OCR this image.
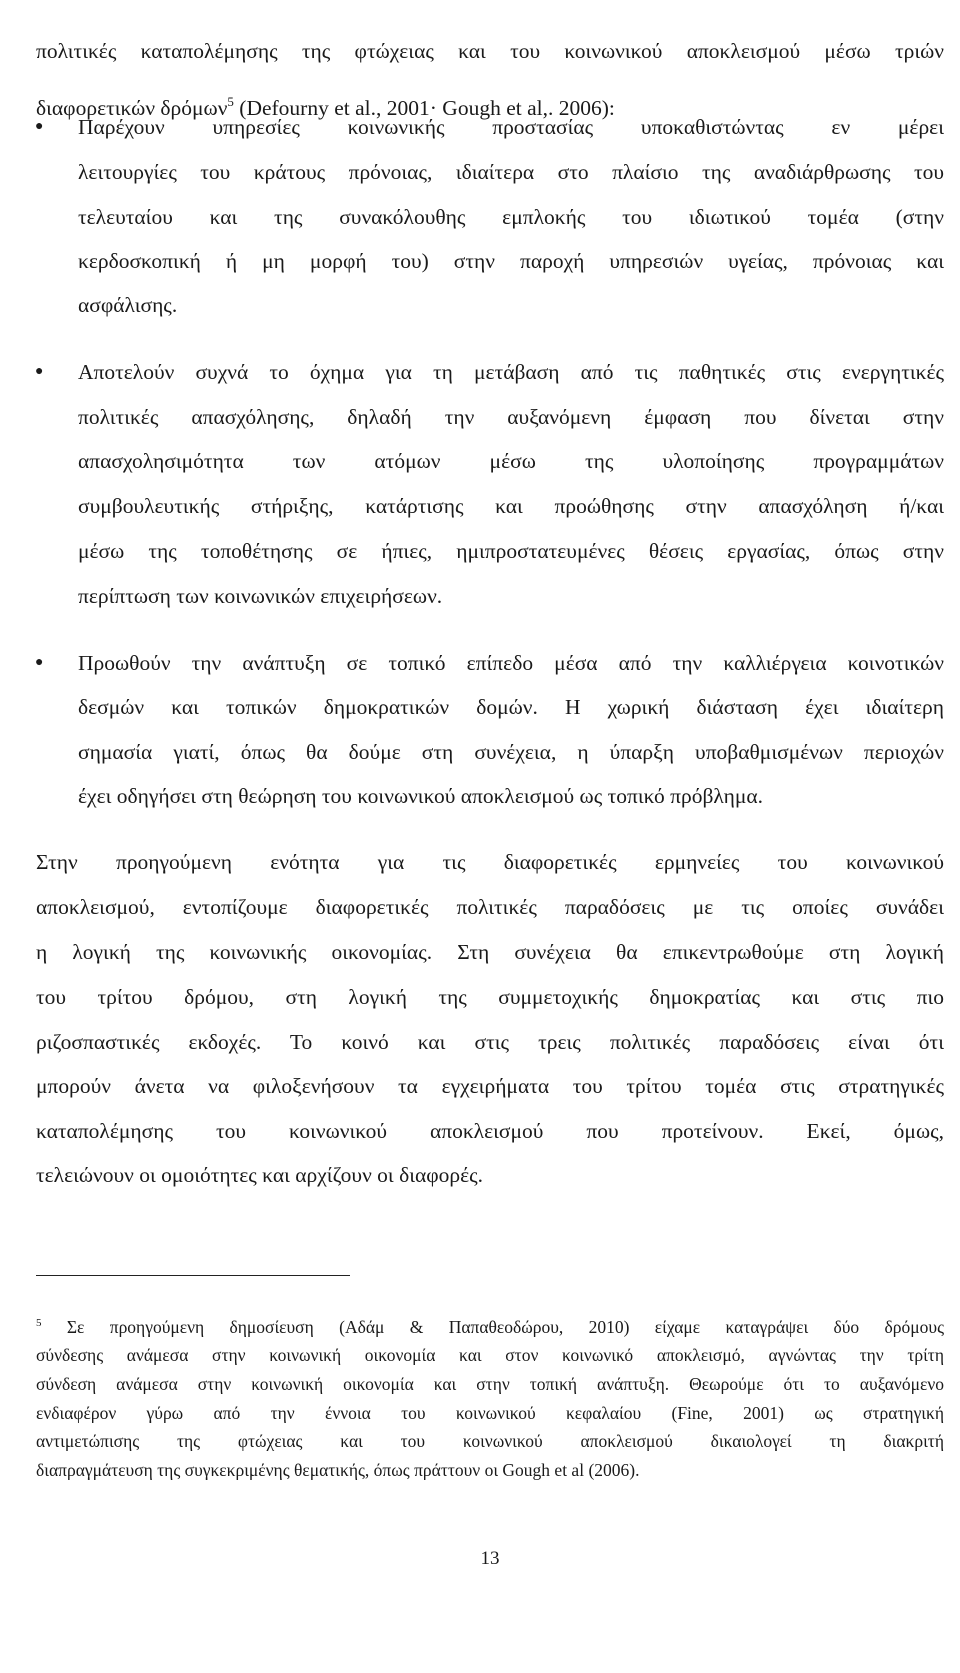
πολιτικές καταπολέμησης της φτώχειας και του κοινωνικού αποκλεισμού μέσω τριών
διαφορετικών δρόμων$^5$ (Defourny et al., 2001· Gough et al,. 2006):
● Παρέχουν υπηρεσίες κοινωνικής προστασίας υποκαθιστώντας εν μέρει
λειτουργίες του κράτους πρόνοιας, ιδιαίτερα στο πλαίσιο της αναδιάρθρωσης του
τελευταίου και της συνακόλουθης εμπλοκής του ιδιωτικού τομέα (στην
κερδοσκοπική ή μη μορφή του) στην παροχή υπηρεσιών υγείας, πρόνοιας και
ασφάλισης.
● Αποτελούν συχνά το όχημα για τη μετάβαση από τις παθητικές στις ενεργητικές
πολιτικές απασχόλησης, δηλαδή την αυξανόμενη έμφαση που δίνεται στην
απασχολησιμότητα των ατόμων μέσω της υλοποίησης προγραμμάτων
συμβουλευτικής στήριξης, κατάρτισης και προώθησης στην απασχόληση ή/και
μέσω της τοποθέτησης σε ήπιες, ημιπροστατευμένες θέσεις εργασίας, όπως στην
περίπτωση των κοινωνικών επιχειρήσεων.
● Προωθούν την ανάπτυξη σε τοπικό επίπεδο μέσα από την καλλιέργεια κοινοτικών
δεσμών και τοπικών δημοκρατικών δομών. Η χωρική διάσταση έχει ιδιαίτερη
σημασία γιατί, όπως θα δούμε στη συνέχεια, η ύπαρξη υποβαθμισμένων περιοχών
έχει οδηγήσει στη θεώρηση του κοινωνικού αποκλεισμού ως τοπικό πρόβλημα.
Στην προηγούμενη ενότητα για τις διαφορετικές ερμηνείες του κοινωνικού
αποκλεισμού, εντοπίζουμε διαφορετικές πολιτικές παραδόσεις με τις οποίες συνάδει
η λογική της κοινωνικής οικονομίας. Στη συνέχεια θα επικεντρωθούμε στη λογική
του τρίτου δρόμου, στη λογική της συμμετοχικής δημοκρατίας και στις πιο
ριζοσπαστικές εκδοχές. Το κοινό και στις τρεις πολιτικές παραδόσεις είναι ότι
μπορούν άνετα να φιλοξενήσουν τα εγχειρήματα του τρίτου τομέα στις στρατηγικές
καταπολέμησης του κοινωνικού αποκλεισμού που προτείνουν. Εκεί, όμως,
τελειώνουν οι ομοιότητες και αρχίζουν οι διαφορές.
$^5$ Σε προηγούμενη δημοσίευση (Αδάμ & Παπαθεοδώρου, 2010) είχαμε καταγράψει δύο δρόμους
σύνδεσης ανάμεσα στην κοινωνική οικονομία και στον κοινωνικό αποκλεισμό, αγνώντας την τρίτη
σύνδεση ανάμεσα στην κοινωνική οικονομία και στην τοπική ανάπτυξη. Θεωρούμε ότι το αυξανόμενο
ενδιαφέρον γύρω από την έννοια του κοινωνικού κεφαλαίου (Fine, 2001) ως στρατηγική
αντιμετώπισης της φτώχειας και του κοινωνικού αποκλεισμού δικαιολογεί τη διακριτή
διαπραγμάτευση της συγκεκριμένης θεματικής, όπως πράττουν οι Gough et al (2006).
13
